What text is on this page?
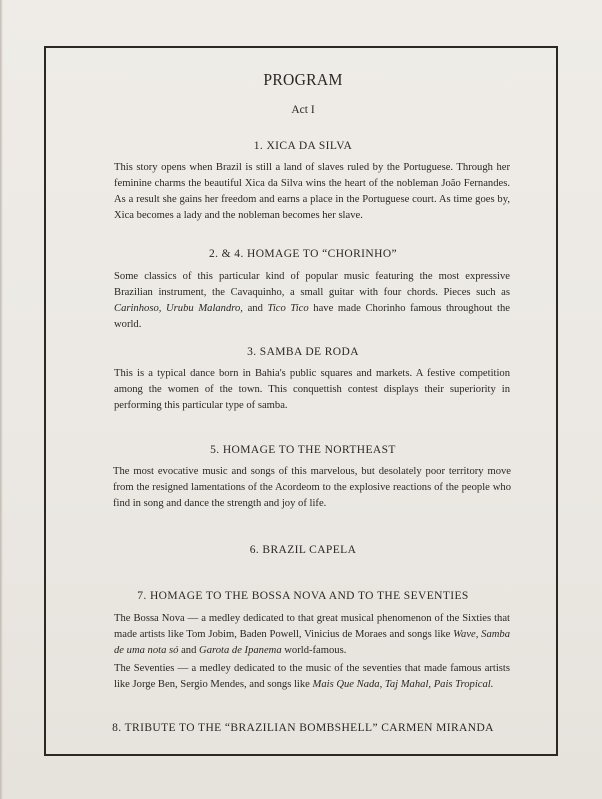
PROGRAM
Act I
1. XICA DA SILVA
This story opens when Brazil is still a land of slaves ruled by the Portuguese. Through her feminine charms the beautiful Xica da Silva wins the heart of the nobleman João Fernandes. As a result she gains her freedom and earns a place in the Portuguese court. As time goes by, Xica becomes a lady and the nobleman becomes her slave.
2. & 4. HOMAGE TO “CHORINHO”
Some classics of this particular kind of popular music featuring the most expressive Brazilian instrument, the Cavaquinho, a small guitar with four chords. Pieces such as Carinhoso, Urubu Malandro, and Tico Tico have made Chorinho famous throughout the world.
3. SAMBA DE RODA
This is a typical dance born in Bahia's public squares and markets. A festive competition among the women of the town. This conquettish contest displays their superiority in performing this particular type of samba.
5. HOMAGE TO THE NORTHEAST
The most evocative music and songs of this marvelous, but desolately poor territory move from the resigned lamentations of the Acordeom to the explosive reactions of the people who find in song and dance the strength and joy of life.
6. BRAZIL CAPELA
7. HOMAGE TO THE BOSSA NOVA AND TO THE SEVENTIES
The Bossa Nova — a medley dedicated to that great musical phenomenon of the Sixties that made artists like Tom Jobim, Baden Powell, Vinicius de Moraes and songs like Wave, Samba de uma nota só and Garota de Ipanema world-famous.
The Seventies — a medley dedicated to the music of the seventies that made famous artists like Jorge Ben, Sergio Mendes, and songs like Mais Que Nada, Taj Mahal, Pais Tropical.
8. TRIBUTE TO THE “BRAZILIAN BOMBSHELL” CARMEN MIRANDA
